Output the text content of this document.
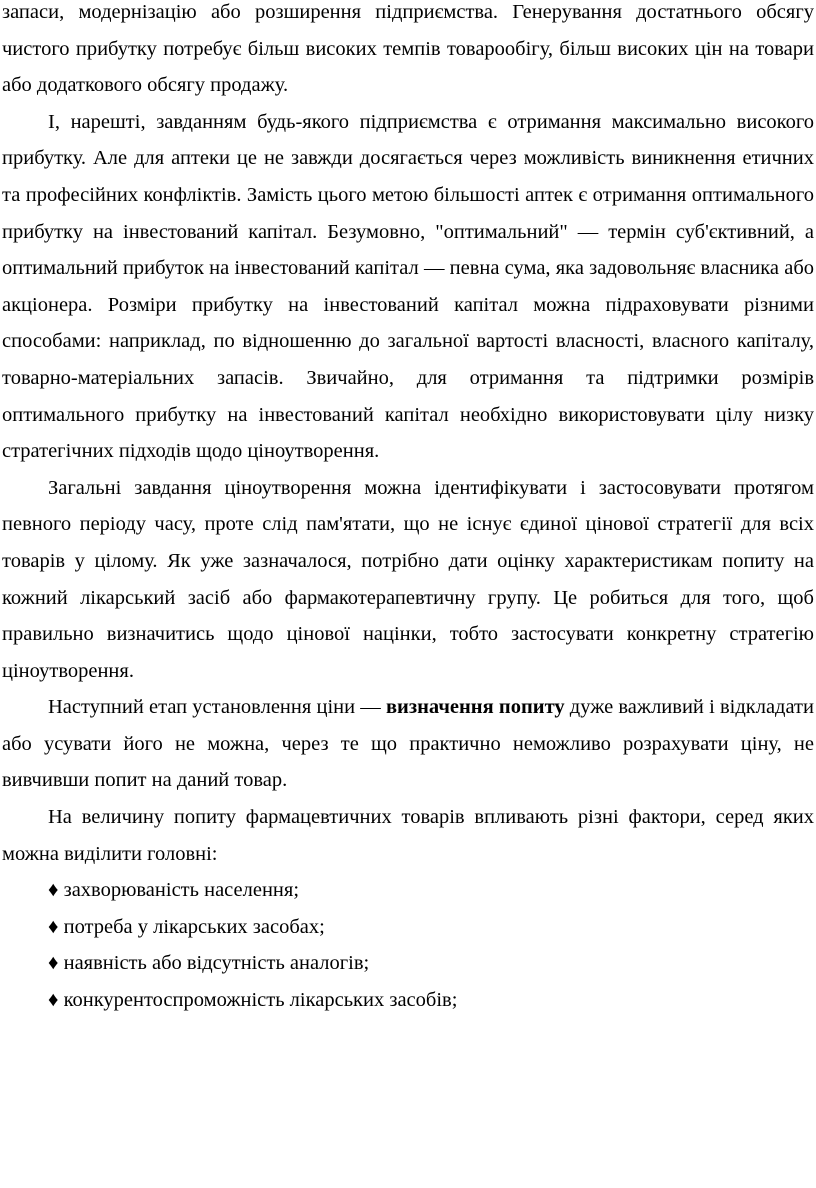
запаси, модернізацію або розширення підприємства. Генерування достатнього обсягу чистого прибутку потребує більш високих темпів товарообігу, більш високих цін на товари або додаткового обсягу продажу.

І, нарешті, завданням будь-якого підприємства є отримання максимально високого прибутку. Але для аптеки це не завжди досягається через можливість виникнення етичних та професійних конфліктів. Замість цього метою більшості аптек є отримання оптимального прибутку на інвестований капітал. Безумовно, "оптимальний" — термін суб'єктивний, а оптимальний прибуток на інвестований капітал — певна сума, яка задовольняє власника або акціонера. Розміри прибутку на інвестований капітал можна підраховувати різними способами: наприклад, по відношенню до загальної вартості власності, власного капіталу, товарно-матеріальних запасів. Звичайно, для отримання та підтримки розмірів оптимального прибутку на інвестований капітал необхідно використовувати цілу низку стратегічних підходів щодо ціноутворення.

Загальні завдання ціноутворення можна ідентифікувати і застосовувати протягом певного періоду часу, проте слід пам'ятати, що не існує єдиної цінової стратегії для всіх товарів у цілому. Як уже зазначалося, потрібно дати оцінку характеристикам попиту на кожний лікарський засіб або фармакотерапевтичну групу. Це робиться для того, щоб правильно визначитись щодо цінової націнки, тобто застосувати конкретну стратегію ціноутворення.

Наступний етап установлення ціни — визначення попиту дуже важливий і відкладати або усувати його не можна, через те що практично неможливо розрахувати ціну, не вивчивши попит на даний товар.

На величину попиту фармацевтичних товарів впливають різні фактори, серед яких можна виділити головні:

♦ захворюваність населення;

♦ потреба у лікарських засобах;

♦ наявність або відсутність аналогів;

♦ конкурентоспроможність лікарських засобів;
